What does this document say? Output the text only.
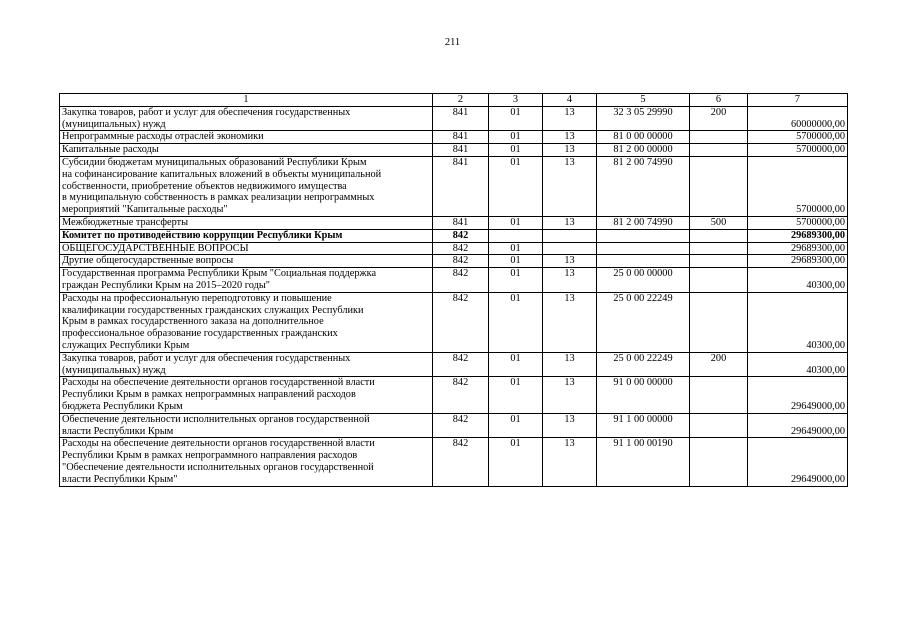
211
1	2	3	4	5	6	7

Закупка товаров, работ и услуг для обеспечения государственных
(муниципальных) нужд	841	01	13	32 3 05 29990	200	60000000,00

Непрограммные расходы отраслей экономики	841	01	13	81 0 00 00000		5700000,00

Капитальные расходы	841	01	13	81 2 00 00000		5700000,00

Субсидии бюджетам муниципальных образований Республики Крым
на софинансирование капитальных вложений в объекты муниципальной
собственности, приобретение объектов недвижимого имущества
в муниципальную собственность в рамках реализации непрограммных
мероприятий "Капитальные расходы"	841	01	13	81 2 00 74990		5700000,00

Межбюджетные трансферты	841	01	13	81 2 00 74990	500	5700000,00

Комитет по противодействию коррупции Республики Крым	842					29689300,00

ОБЩЕГОСУДАРСТВЕННЫЕ ВОПРОСЫ	842	01				29689300,00

Другие общегосударственные вопросы	842	01	13			29689300,00

Государственная программа Республики Крым "Социальная поддержка
граждан Республики Крым на 2015–2020 годы"	842	01	13	25 0 00 00000		40300,00

Расходы на профессиональную переподготовку и повышение
квалификации государственных гражданских служащих Республики
Крым в рамках государственного заказа на дополнительное
профессиональное образование государственных гражданских
служащих Республики Крым	842	01	13	25 0 00 22249		40300,00

Закупка товаров, работ и услуг для обеспечения государственных
(муниципальных) нужд	842	01	13	25 0 00 22249	200	40300,00

Расходы на обеспечение деятельности органов государственной власти
Республики Крым в рамках непрограммных направлений расходов
бюджета Республики Крым	842	01	13	91 0 00 00000		29649000,00

Обеспечение деятельности исполнительных органов государственной
власти Республики Крым	842	01	13	91 1 00 00000		29649000,00

Расходы на обеспечение деятельности органов государственной власти
Республики Крым в рамках непрограммного направления расходов
"Обеспечение деятельности исполнительных органов государственной
власти Республики Крым"	842	01	13	91 1 00 00190		29649000,00
